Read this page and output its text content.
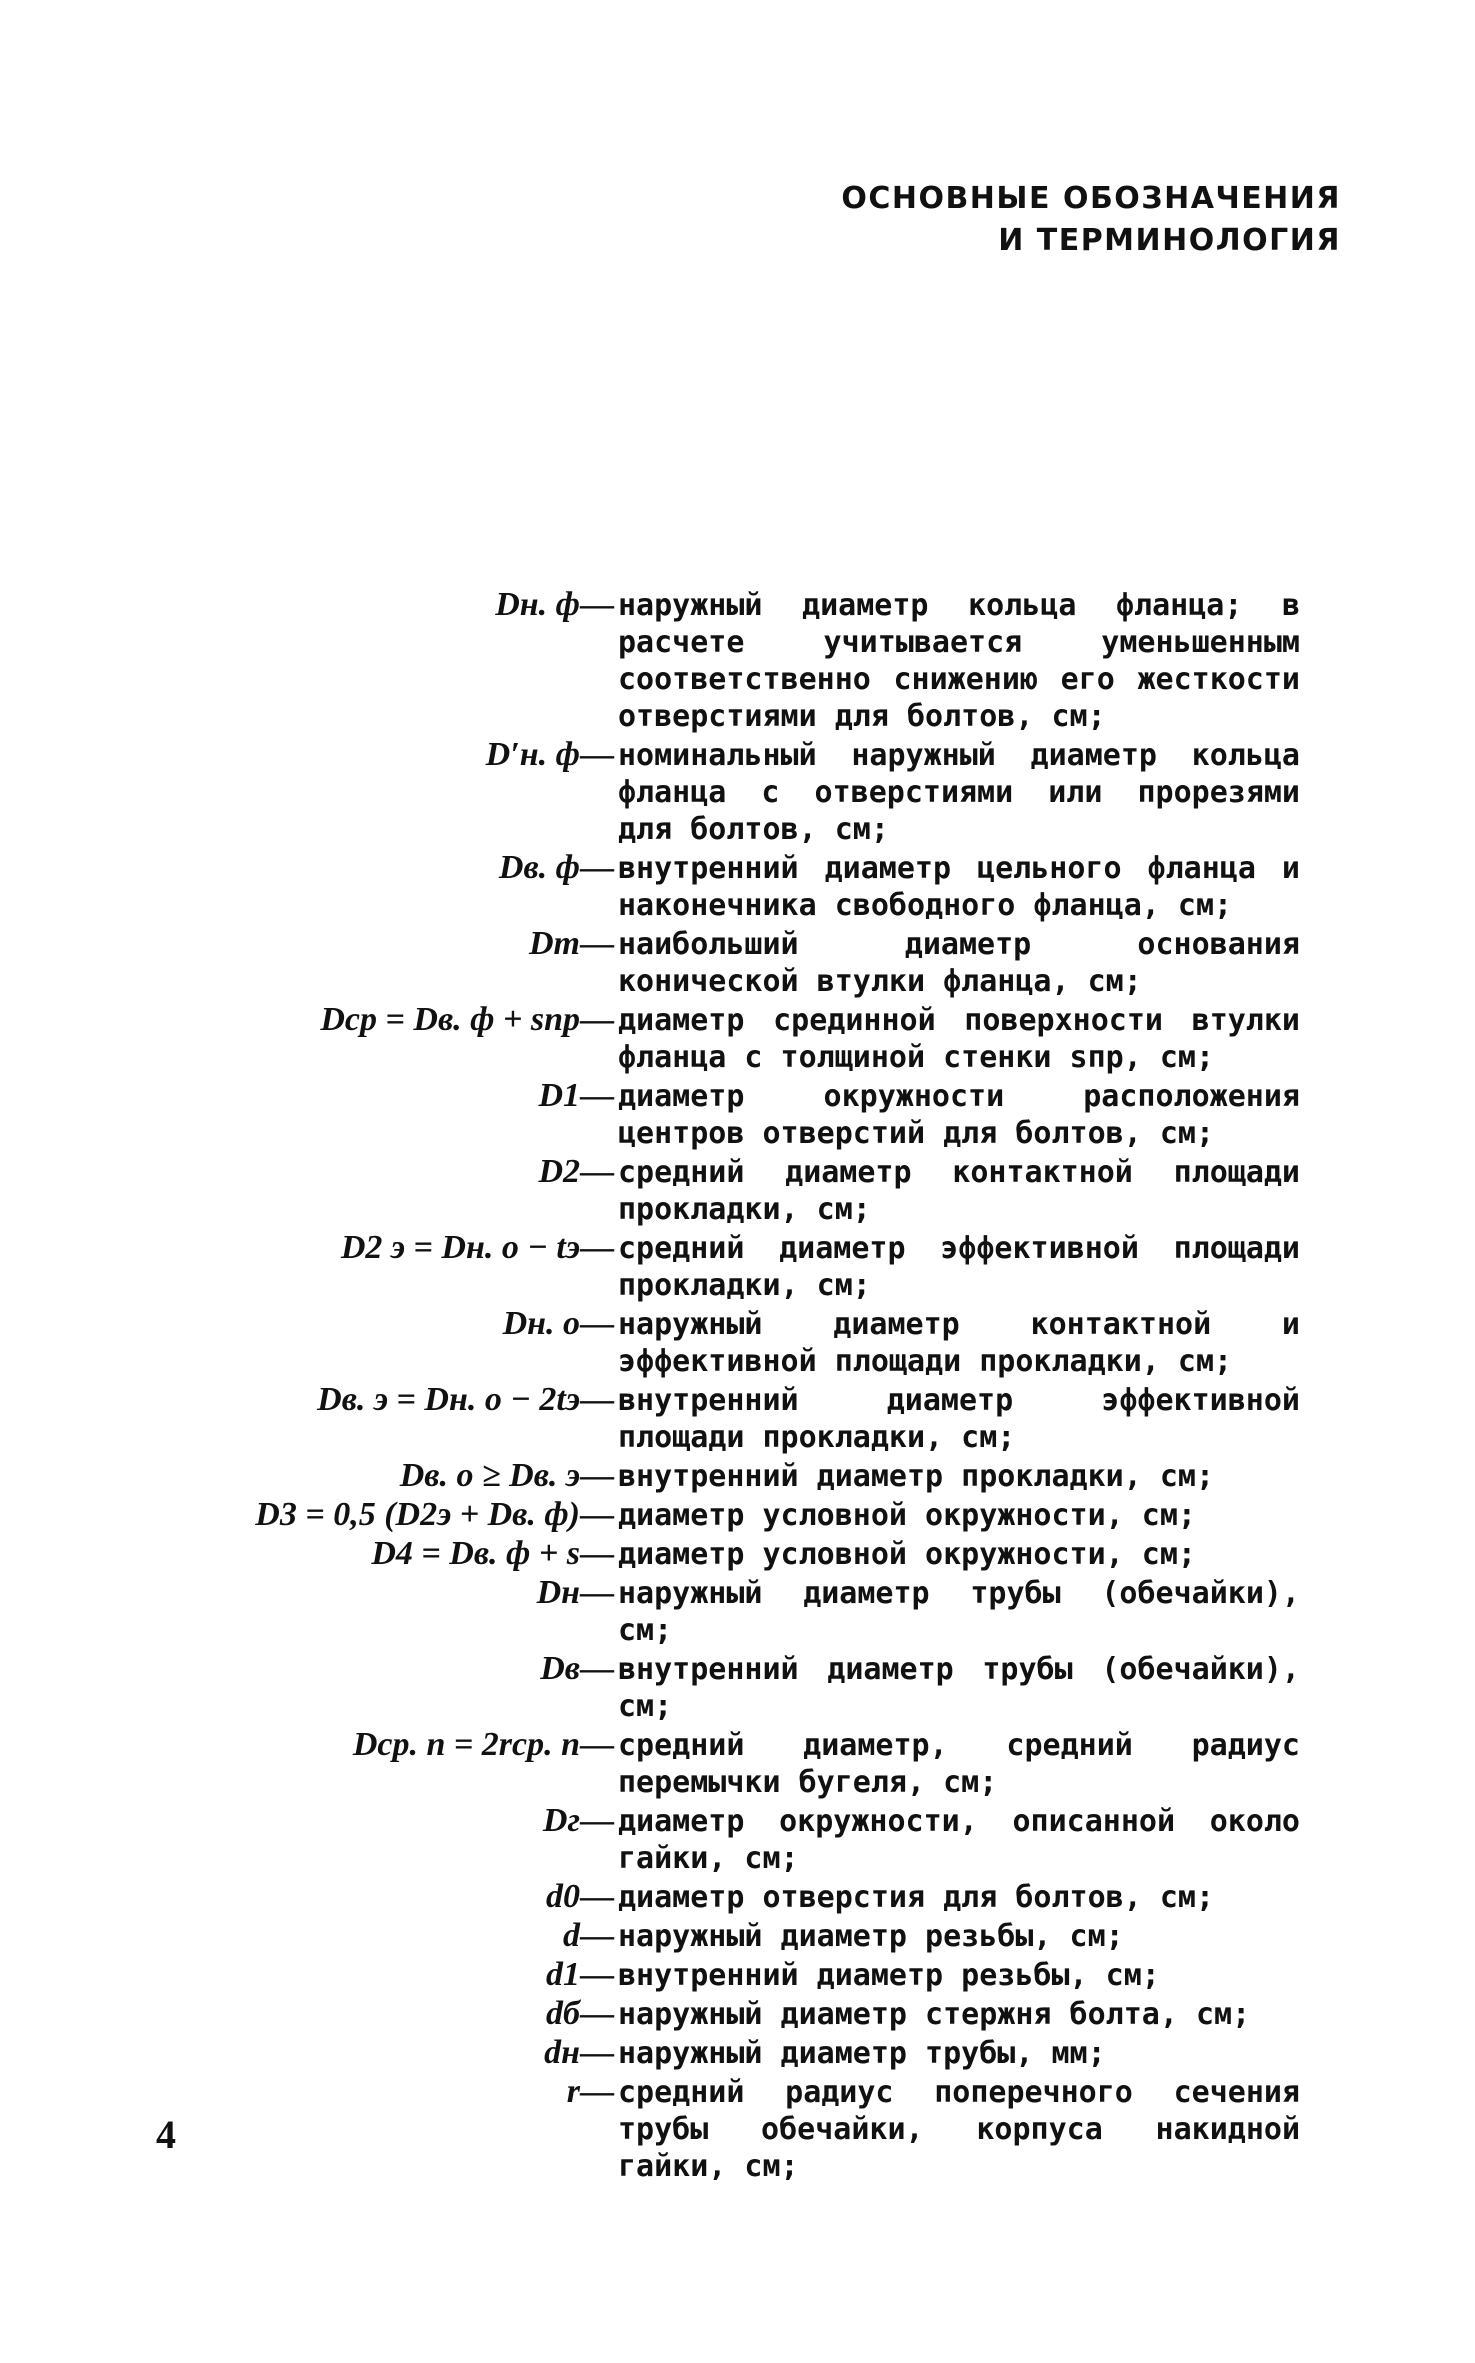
ОСНОВНЫЕ ОБОЗНАЧЕНИЯ
И ТЕРМИНОЛОГИЯ
Dн. ф — наружный диаметр кольца фланца; в расчете учитывается уменьшенным соответственно снижению его жесткости отверстиями для болтов, см;
D′н. ф — номинальный наружный диаметр кольца фланца с отверстиями или прорезями для болтов, см;
Dв. ф — внутренний диаметр цельного фланца и наконечника свободного фланца, см;
Dт — наибольший диаметр основания конической втулки фланца, см;
Dср = Dв. ф + sпр — диаметр срединной поверхности втулки фланца с толщиной стенки sпр, см;
D1 — диаметр окружности расположения центров отверстий для болтов, см;
D2 — средний диаметр контактной площади прокладки, см;
D2 э = Dн. о − tэ — средний диаметр эффективной площади прокладки, см;
Dн. о — наружный диаметр контактной и эффективной площади прокладки, см;
Dв. э = Dн. о − 2tэ — внутренний диаметр эффективной площади прокладки, см;
Dв. о ≥ Dв. э — внутренний диаметр прокладки, см;
D3 = 0,5 (D2э + Dв. ф) — диаметр условной окружности, см;
D4 = Dв. ф + s — диаметр условной окружности, см;
Dн — наружный диаметр трубы (обечайки), см;
Dв — внутренний диаметр трубы (обечайки), см;
Dср. п = 2rср. п — средний диаметр, средний радиус перемычки бугеля, см;
Dг — диаметр окружности, описанной около гайки, см;
d0 — диаметр отверстия для болтов, см;
d — наружный диаметр резьбы, см;
d1 — внутренний диаметр резьбы, см;
dб — наружный диаметр стержня болта, см;
dн — наружный диаметр трубы, мм;
r — средний радиус поперечного сечения трубы обечайки, корпуса накидной гайки, см;
4
